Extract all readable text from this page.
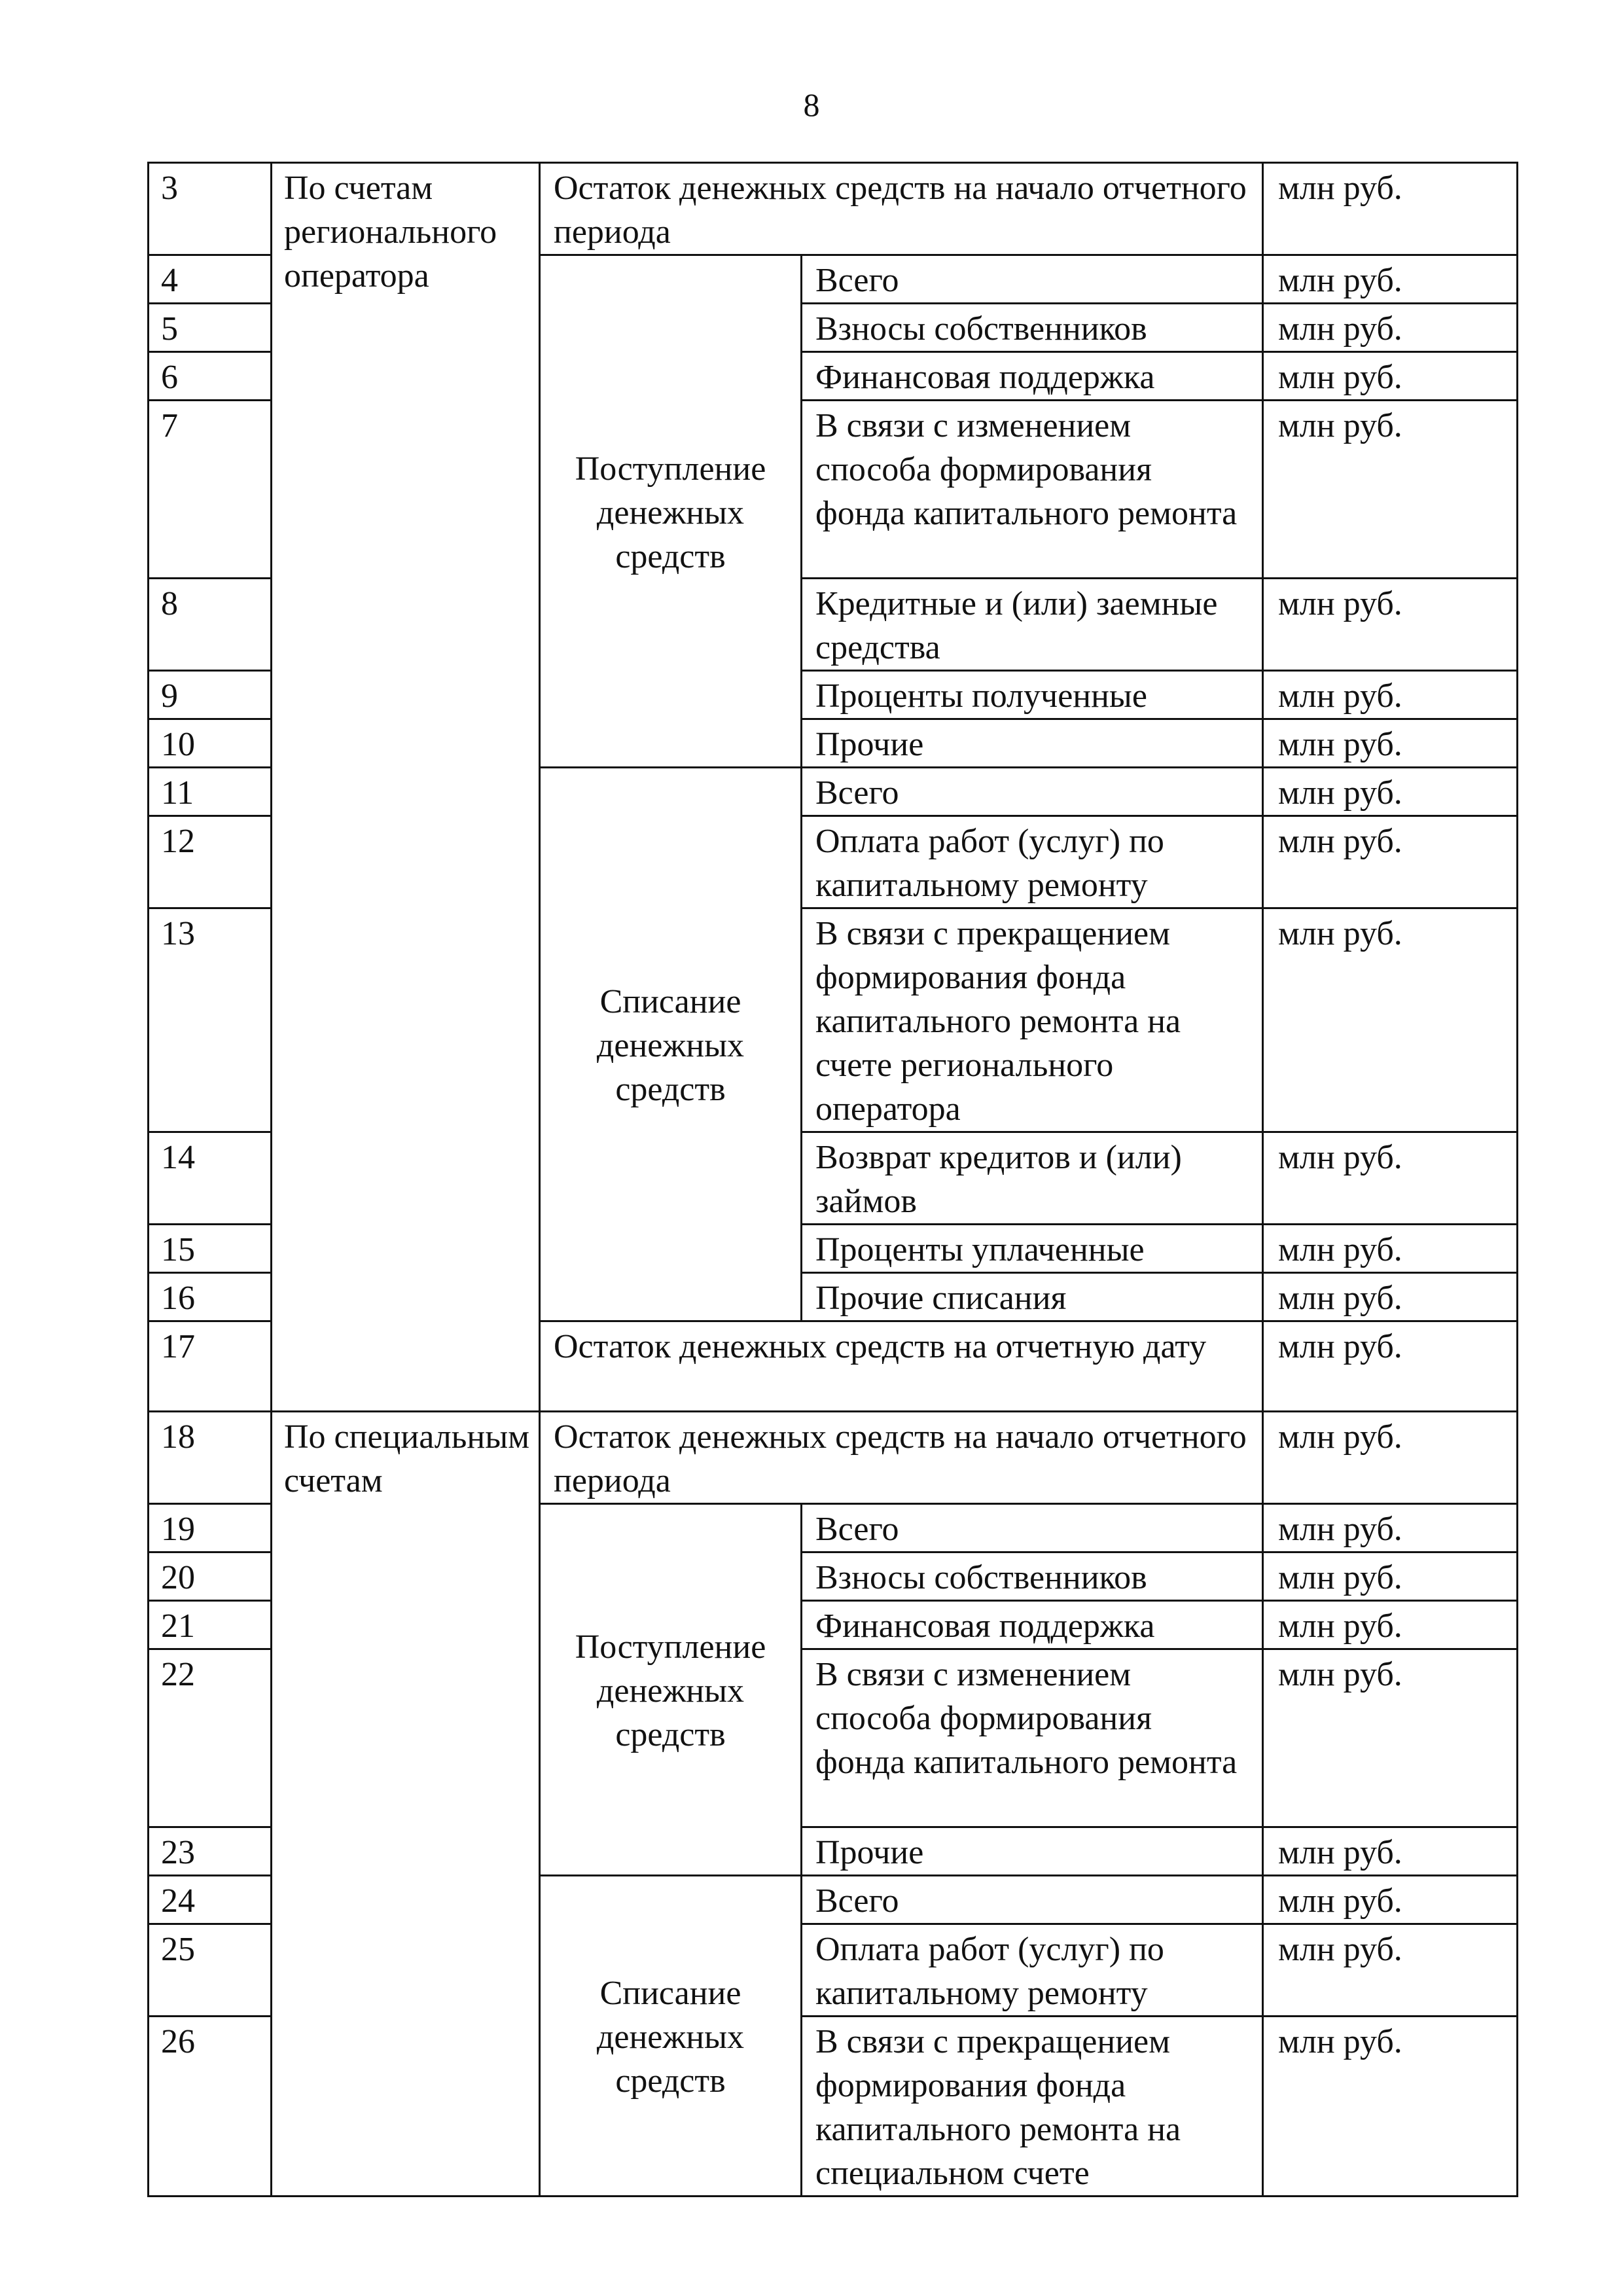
8
3	По счетам регионального оператора	Остаток денежных средств на начало отчетного периода		млн руб.
4		Поступление денежных средств	Всего	млн руб.
5			Взносы собственников	млн руб.
6			Финансовая поддержка	млн руб.
7			В связи с изменением способа формирования фонда капитального ремонта	млн руб.
8			Кредитные и (или) заемные средства	млн руб.
9			Проценты полученные	млн руб.
10			Прочие	млн руб.
11		Списание денежных средств	Всего	млн руб.
12			Оплата работ (услуг) по капитальному ремонту	млн руб.
13			В связи с прекращением формирования фонда капитального ремонта на счете регионального оператора	млн руб.
14			Возврат кредитов и (или) займов	млн руб.
15			Проценты уплаченные	млн руб.
16			Прочие списания	млн руб.
17		Остаток денежных средств на отчетную дату		млн руб.
18	По специальным счетам	Остаток денежных средств на начало отчетного периода		млн руб.
19		Поступление денежных средств	Всего	млн руб.
20			Взносы собственников	млн руб.
21			Финансовая поддержка	млн руб.
22			В связи с изменением способа формирования фонда капитального ремонта	млн руб.
23			Прочие	млн руб.
24		Списание денежных средств	Всего	млн руб.
25			Оплата работ (услуг) по капитальному ремонту	млн руб.
26			В связи с прекращением формирования фонда капитального ремонта на специальном счете	млн руб.
